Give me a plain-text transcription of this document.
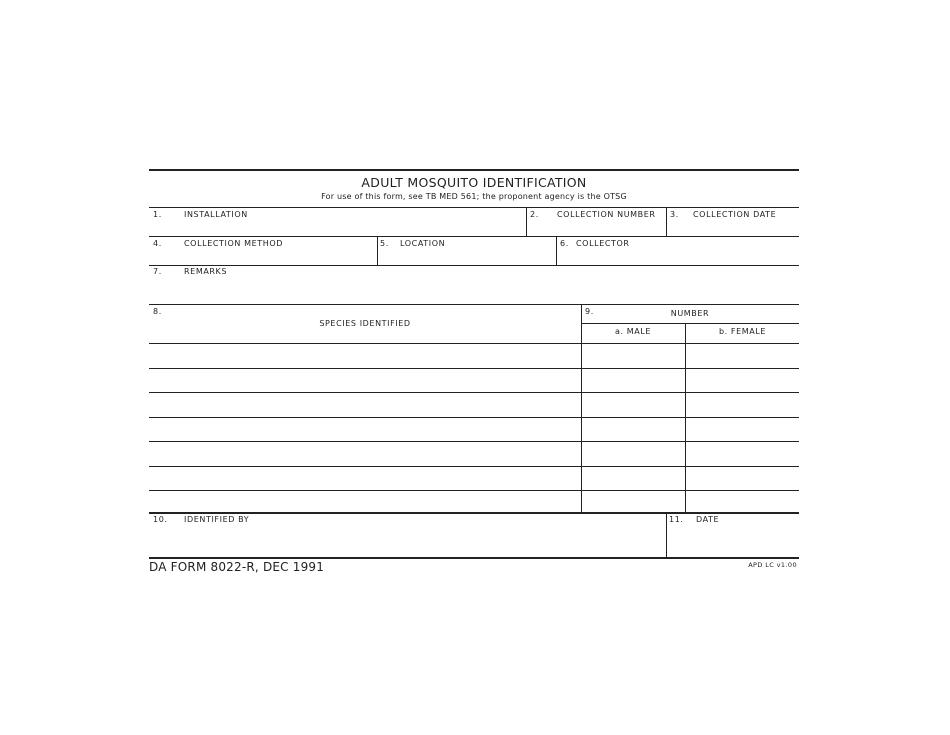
ADULT MOSQUITO IDENTIFICATION
For use of this form, see TB MED 561; the proponent agency is the OTSG
1.	INSTALLATION	2. COLLECTION NUMBER 3. COLLECTION DATE
4.	COLLECTION METHOD	5. LOCATION	6. COLLECTOR
7.	REMARKS
8.
SPECIES IDENTIFIED
9.	NUMBER
a. MALE	b. FEMALE
10. IDENTIFIED BY	11. DATE
DA FORM 8022-R, DEC 1991	APD LC v1.00
